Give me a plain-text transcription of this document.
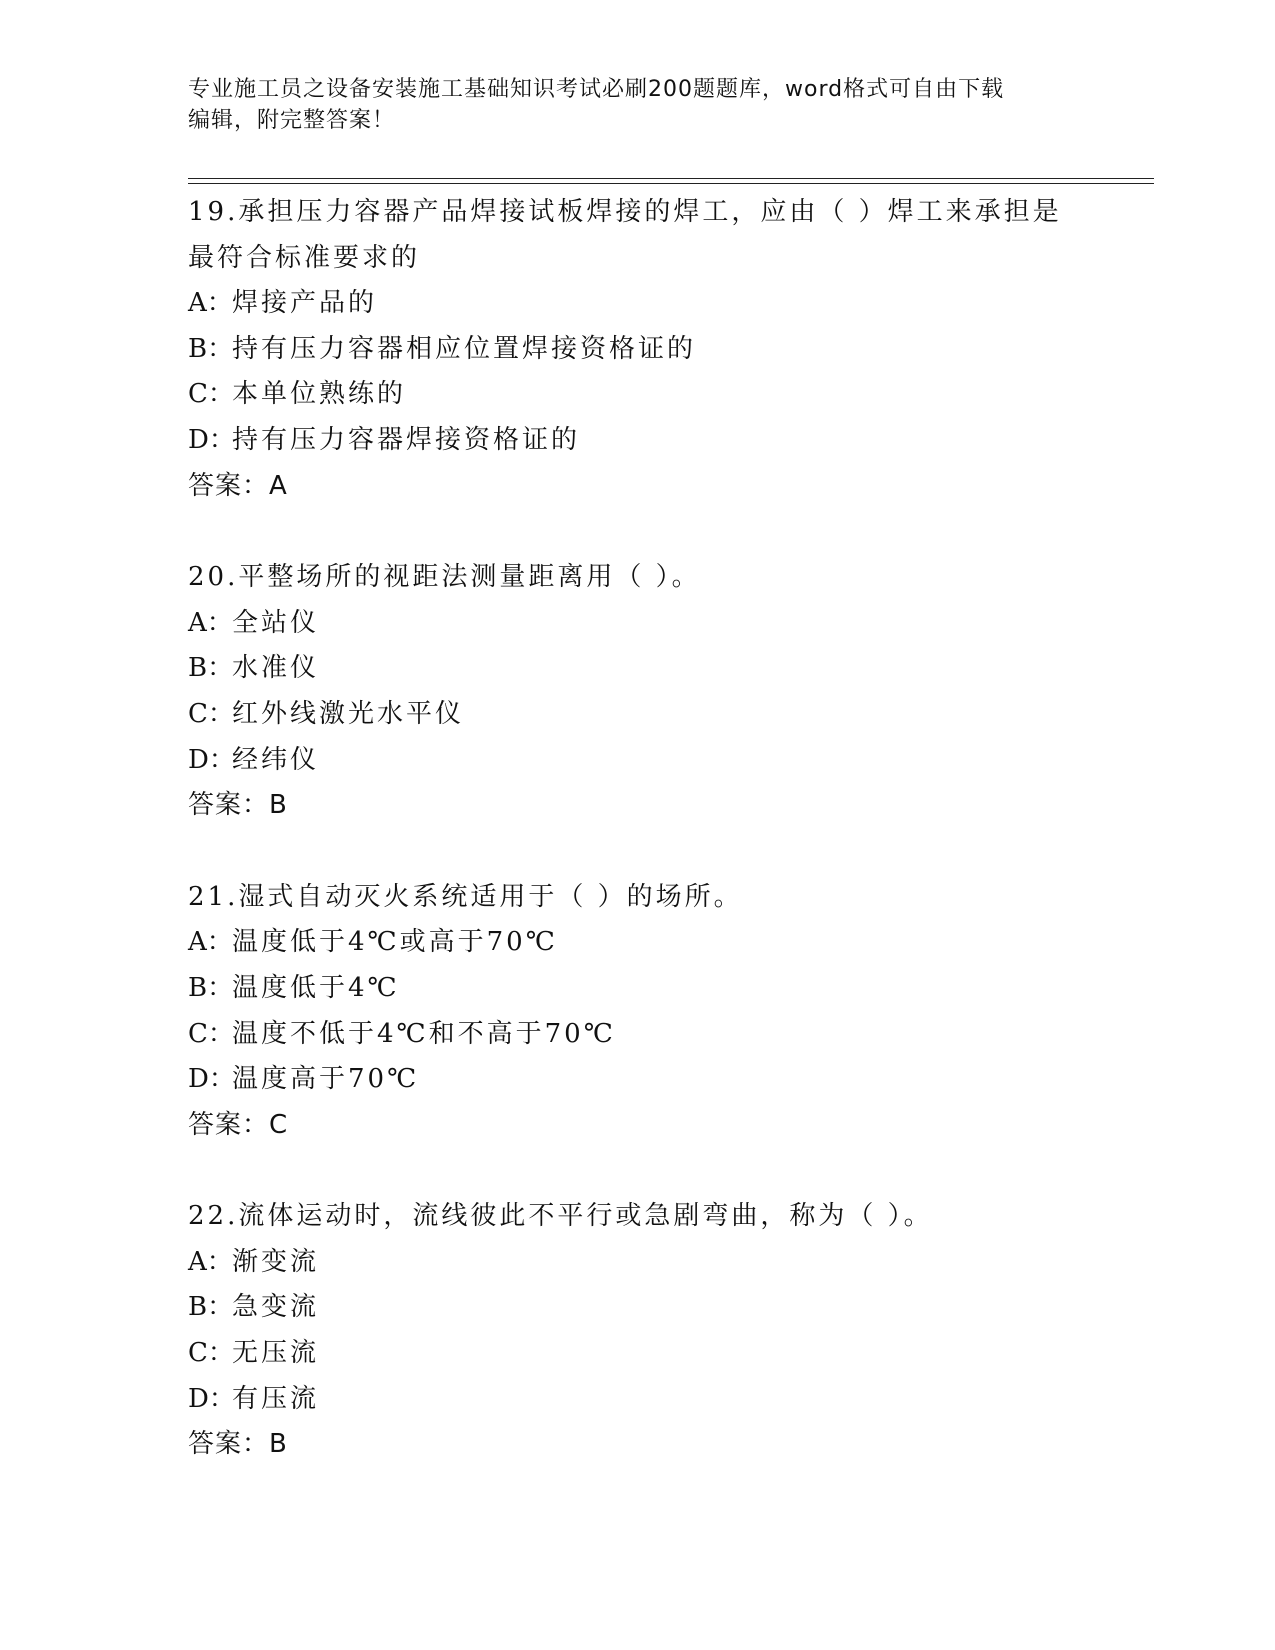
专业施工员之设备安装施工基础知识考试必刷200题题库，word格式可自由下载
编辑，附完整答案！
19.承担压力容器产品焊接试板焊接的焊工，应由（ ）焊工来承担是
最符合标准要求的
A：焊接产品的
B：持有压力容器相应位置焊接资格证的
C：本单位熟练的
D：持有压力容器焊接资格证的
答案：A
20.平整场所的视距法测量距离用（ ）。
A：全站仪
B：水准仪
C：红外线激光水平仪
D：经纬仪
答案：B
21.湿式自动灭火系统适用于（ ）的场所。
A：温度低于4℃或高于70℃
B：温度低于4℃
C：温度不低于4℃和不高于70℃
D：温度高于70℃
答案：C
22.流体运动时，流线彼此不平行或急剧弯曲，称为（ ）。
A：渐变流
B：急变流
C：无压流
D：有压流
答案：B
